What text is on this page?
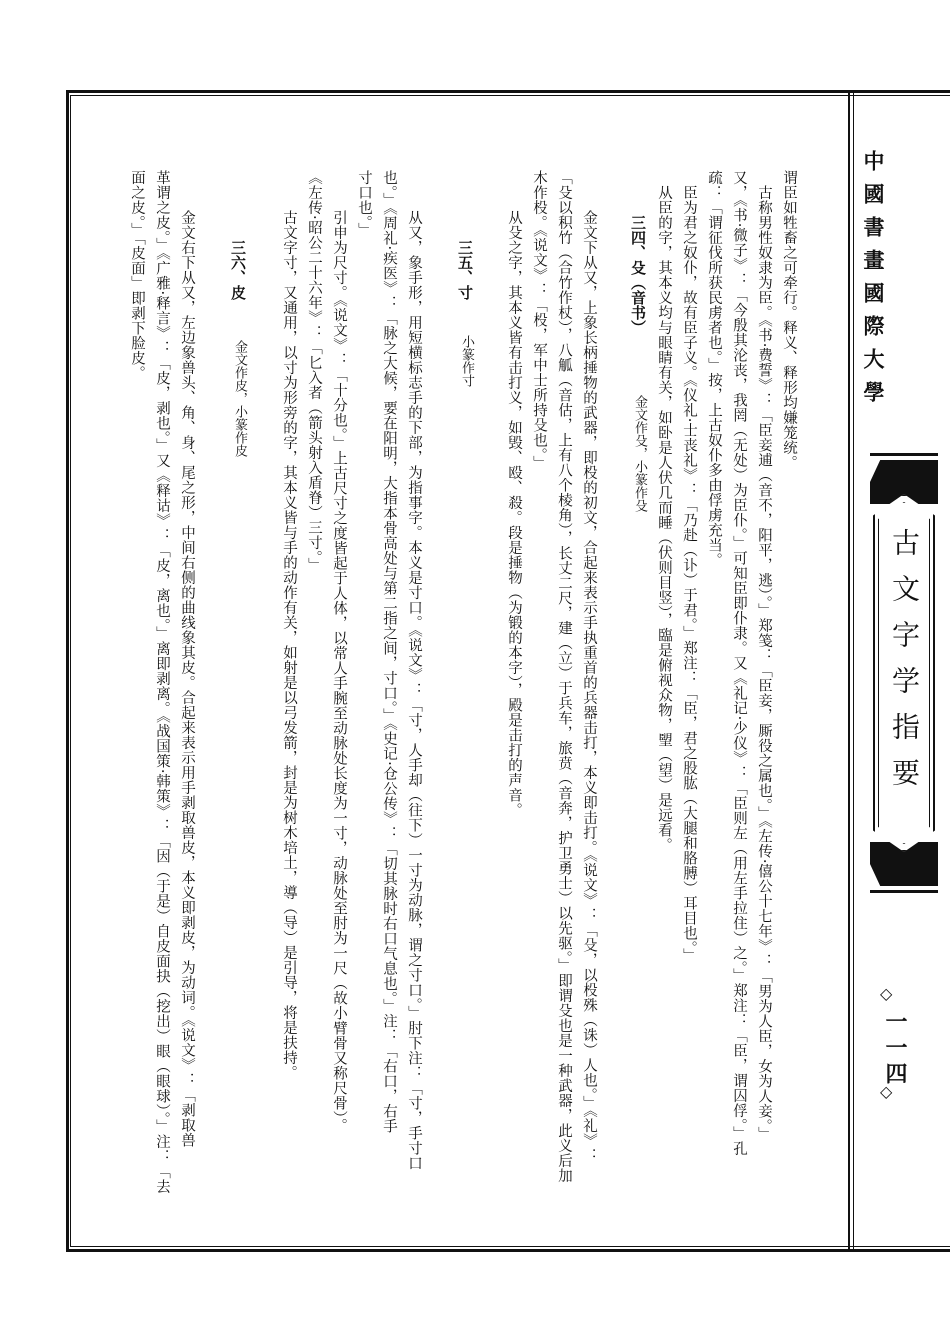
中國書畫國際大學
古文字学指要
◇
一一四
◇
谓臣如牲畜之可牵行。释义、释形均嫌笼统。
　古称男性奴隶为臣。《书·费誓》：「臣妾逋（音不，阳平，逃）。」郑笺：「臣妾，厮役之属也。」《左传·僖公十七年》：「男为人臣，女为人妾。」
又，《书·微子》：「今殷其沦丧，我罔（无处）为臣仆。」可知臣即仆隶。又《礼记·少仪》：「臣则左（用左手拉住）之。」郑注：「臣，谓囚俘。」孔
疏：「谓征伐所获民虏者也。」按，上古奴仆多由俘虏充当。
　臣为君之奴仆，故有臣子义。《仪礼·士丧礼》：「乃赴（讣）于君。」郑注：「臣，君之股肱（大腿和胳膊）耳目也。」
　从臣的字，其本义均与眼睛有关，如卧是人伏几而睡（伏则目竖），臨是俯视众物，朢（望）是远看。
三四、殳（音书）
金文作殳，小篆作殳
　金文下从又，上象长柄捶物的武器，即杸的初文，合起来表示手执重首的兵器击打，本义即击打。《说文》：「殳，以杸殊（诛）人也。」《礼》：
「殳以积竹（合竹作杖），八觚（音估，上有八个棱角），长丈二尺，建（立）于兵车，旅贲（音奔，护卫勇士）以先驱。」即谓殳也是一种武器，此义后加
木作杸。《说文》：「杸，军中士所持殳也。」
　从殳之字，其本义皆有击打义，如毁、殴、殺。段是捶物（为锻的本字），殿是击打的声音。
三五、寸
小篆作寸
　从又，象手形，用短横标志手的下部，为指事字。本义是寸口。《说文》：「寸，人手却（往下）一寸为动脉，谓之寸口。」肘下注：「寸，手寸口
也。」《周礼·疾医》：「脉之大候，要在阳明，大指本骨高处与第二指之间，寸口。」《史记·仓公传》：「切其脉时右口气息也。」注：「右口，右手
寸口也。」
　引申为尺寸。《说文》：「十分也。」上古尺寸之度皆起于人体，以常人手腕至动脉处长度为一寸，动脉处至肘为一尺（故小臂骨又称尺骨）。
《左传·昭公二十六年》：「匕入者（箭头射入盾脊）三寸。」
　古文字寸，又通用，以寸为形旁的字，其本义皆与手的动作有关，如射是以弓发箭，封是为树木培土，導（导）是引导，将是扶持。
三六、皮
金文作皮，小篆作皮
　金文右下从又，左边象兽头、角、身、尾之形，中间右侧的曲线象其皮。合起来表示用手剥取兽皮，本义即剥皮，为动词。《说文》：「剥取兽
革谓之皮。」《广雅·释言》：「皮，剥也。」又《释诂》：「皮，离也。」离即剥离。《战国策·韩策》：「因（于是）自皮面抉（挖出）眼（眼球）。」注：「去
面之皮。」「皮面」即剥下脸皮。
